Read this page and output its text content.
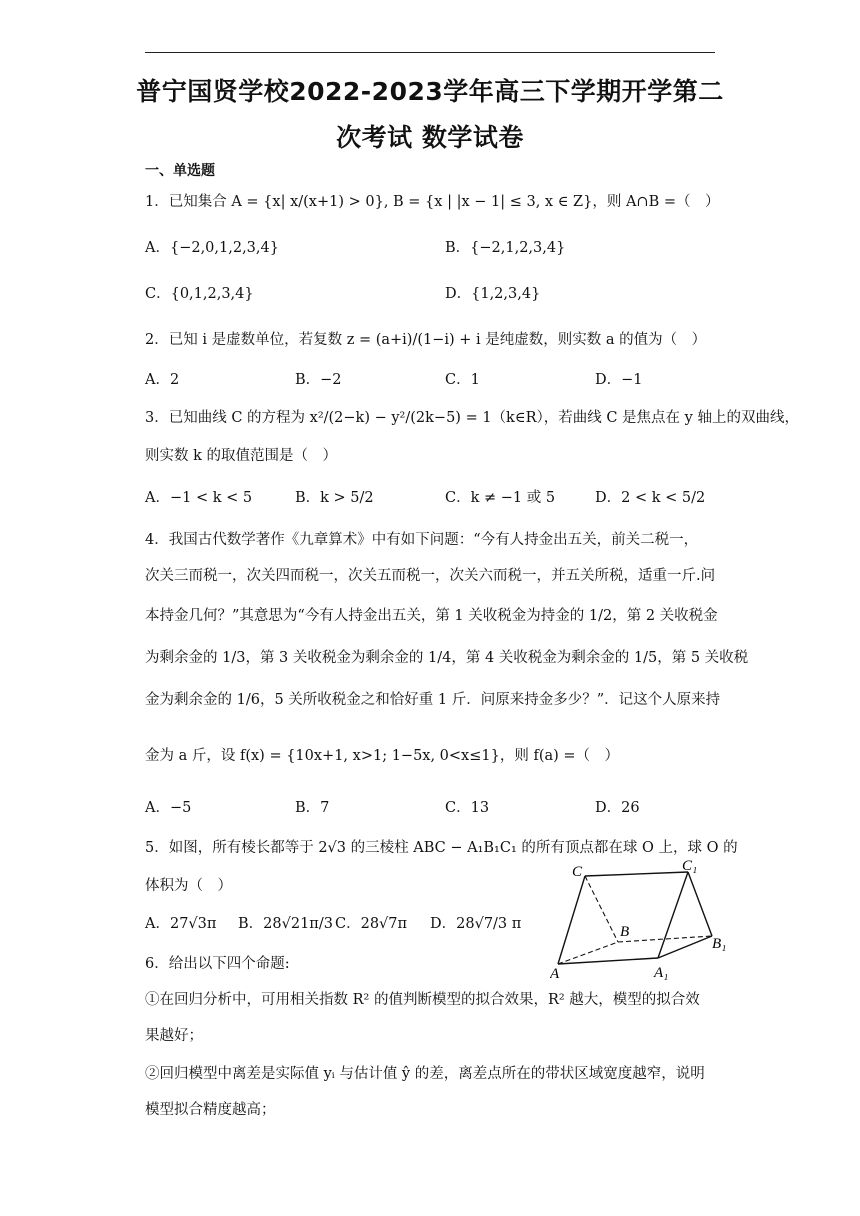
普宁国贤学校2022-2023学年高三下学期开学第二
次考试 数学试卷
一、单选题
1．已知集合 A = {x| x/(x+1) > 0}, B = {x | |x − 1| ≤ 3, x ∈ Z}，则 A∩B =（　）
A．{−2,0,1,2,3,4}	B．{−2,1,2,3,4}
C．{0,1,2,3,4}	D．{1,2,3,4}
2．已知 i 是虚数单位，若复数 z = (a+i)/(1−i) + i 是纯虚数，则实数 a 的值为（　）
A．2	B．−2	C．1	D．−1
3．已知曲线 C 的方程为 x²/(2−k) − y²/(2k−5) = 1（k∈R），若曲线 C 是焦点在 y 轴上的双曲线，
则实数 k 的取值范围是（　）
A．−1 < k < 5	B．k > 5/2	C．k ≠ −1 或 5	D．2 < k < 5/2
4．我国古代数学著作《九章算术》中有如下问题：“今有人持金出五关，前关二税一，
次关三而税一，次关四而税一，次关五而税一，次关六而税一，并五关所税，适重一斤.问
本持金几何？”其意思为“今有人持金出五关，第 1 关收税金为持金的 1/2，第 2 关收税金
为剩余金的 1/3，第 3 关收税金为剩余金的 1/4，第 4 关收税金为剩余金的 1/5，第 5 关收税
金为剩余金的 1/6，5 关所收税金之和恰好重 1 斤．问原来持金多少？”．记这个人原来持
金为 a 斤，设 f(x) = {10x+1, x>1; 1−5x, 0<x≤1}，则 f(a) =（　）
A．−5	B．7	C．13	D．26
5．如图，所有棱长都等于 2√3 的三棱柱 ABC − A₁B₁C₁ 的所有顶点都在球 O 上，球 O 的
体积为（　）
A．27√3π B．28√21π/3 C．28√7π D．28√7/3 π
C	C₁
B
B₁
A	A₁
6．给出以下四个命题:
①在回归分析中，可用相关指数 R² 的值判断模型的拟合效果，R² 越大，模型的拟合效
果越好；
②回归模型中离差是实际值 yᵢ 与估计值 ŷ 的差，离差点所在的带状区域宽度越窄，说明
模型拟合精度越高；
